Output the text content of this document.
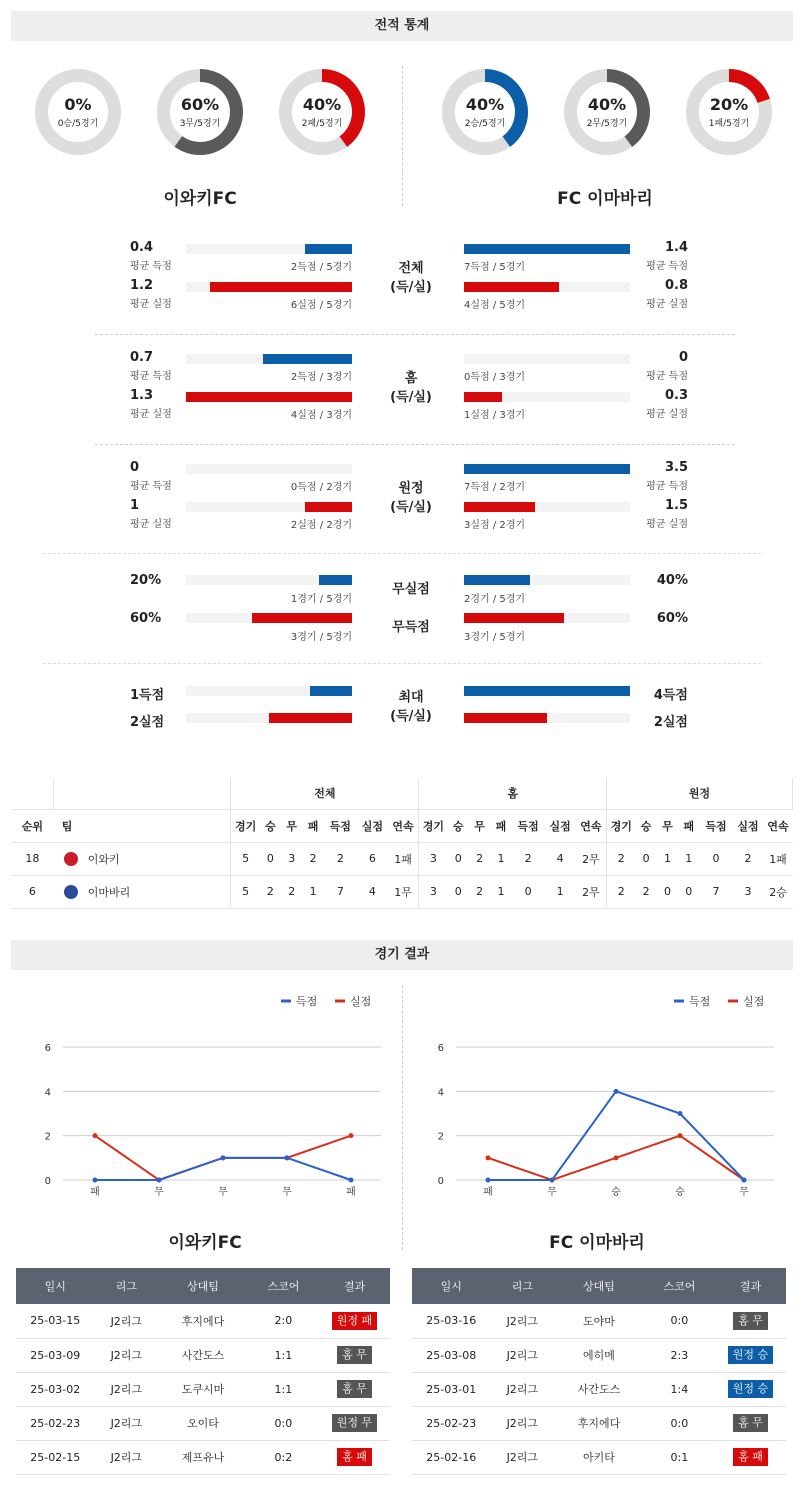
전적 통계
0%
0승/5경기
60%
3무/5경기
40%
2패/5경기
40%
2승/5경기
40%
2무/5경기
20%
1패/5경기
이와키FC	FC 이마바리
0.4
평균 득점	2득점 / 5경기
1.2
평균 실점	6실점 / 5경기
1.4
평균 득점
7득점 / 5경기
0.8
평균 실점
4실점 / 5경기
전체
(득/실)
0.7
평균 득점	2득점 / 3경기
1.3
평균 실점	4실점 / 3경기
0
평균 득점
0득점 / 3경기
0.3
평균 실점
1실점 / 3경기
홈
(득/실)
0
평균 득점	0득점 / 2경기
1
평균 실점	2실점 / 2경기
3.5
평균 득점
7득점 / 2경기
1.5
평균 실점
3실점 / 2경기
원정
(득/실)
20%
1경기 / 5경기
40%
2경기 / 5경기
무실점
60%
3경기 / 5경기
60%
3경기 / 5경기
무득점
1득점
2실점
4득점
2실점
최대
(득/실)
		전체							홈							원정						
순위	팀	경기	승	무	패	득점	실점	연속	경기	승	무	패	득점	실점	연속	경기	승	무	패	득점	실점	연속
18	이와키	5	0	3	2	2	6	1패	3	0	2	1	2	4	2무	2	0	1	1	0	2	1패
6	이마바리	5	2	2	1	7	4	1무	3	0	2	1	0	1	2무	2	2	0	0	7	3	2승
경기 결과
0
2
4
6
패	무	무	무	패
득점	실점
0
2
4
6
패	무	승	승	무
득점	실점
이와키FC	FC 이마바리
일시	리그	상대팀	스코어	결과
25-03-15	J2리그	후지에다	2:0	원정 패
25-03-09	J2리그	사간도스	1:1	홈 무
25-03-02	J2리그	도쿠시마	1:1	홈 무
25-02-23	J2리그	오이타	0:0	원정 무
25-02-15	J2리그	제프유나	0:2	홈 패
일시	리그	상대팀	스코어	결과
25-03-16	J2리그	도야마	0:0	홈 무
25-03-08	J2리그	에히메	2:3	원정 승
25-03-01	J2리그	사간도스	1:4	원정 승
25-02-23	J2리그	후지에다	0:0	홈 무
25-02-16	J2리그	아키타	0:1	홈 패
